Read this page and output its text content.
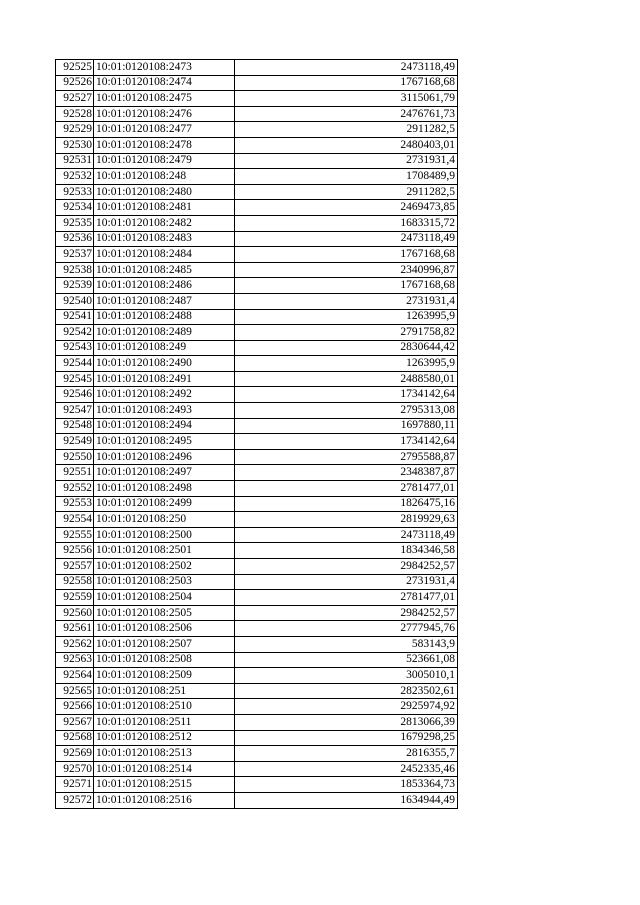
92525	10:01:0120108:2473	2473118,49
92526	10:01:0120108:2474	1767168,68
92527	10:01:0120108:2475	3115061,79
92528	10:01:0120108:2476	2476761,73
92529	10:01:0120108:2477	2911282,5
92530	10:01:0120108:2478	2480403,01
92531	10:01:0120108:2479	2731931,4
92532	10:01:0120108:248	1708489,9
92533	10:01:0120108:2480	2911282,5
92534	10:01:0120108:2481	2469473,85
92535	10:01:0120108:2482	1683315,72
92536	10:01:0120108:2483	2473118,49
92537	10:01:0120108:2484	1767168,68
92538	10:01:0120108:2485	2340996,87
92539	10:01:0120108:2486	1767168,68
92540	10:01:0120108:2487	2731931,4
92541	10:01:0120108:2488	1263995,9
92542	10:01:0120108:2489	2791758,82
92543	10:01:0120108:249	2830644,42
92544	10:01:0120108:2490	1263995,9
92545	10:01:0120108:2491	2488580,01
92546	10:01:0120108:2492	1734142,64
92547	10:01:0120108:2493	2795313,08
92548	10:01:0120108:2494	1697880,11
92549	10:01:0120108:2495	1734142,64
92550	10:01:0120108:2496	2795588,87
92551	10:01:0120108:2497	2348387,87
92552	10:01:0120108:2498	2781477,01
92553	10:01:0120108:2499	1826475,16
92554	10:01:0120108:250	2819929,63
92555	10:01:0120108:2500	2473118,49
92556	10:01:0120108:2501	1834346,58
92557	10:01:0120108:2502	2984252,57
92558	10:01:0120108:2503	2731931,4
92559	10:01:0120108:2504	2781477,01
92560	10:01:0120108:2505	2984252,57
92561	10:01:0120108:2506	2777945,76
92562	10:01:0120108:2507	583143,9
92563	10:01:0120108:2508	523661,08
92564	10:01:0120108:2509	3005010,1
92565	10:01:0120108:251	2823502,61
92566	10:01:0120108:2510	2925974,92
92567	10:01:0120108:2511	2813066,39
92568	10:01:0120108:2512	1679298,25
92569	10:01:0120108:2513	2816355,7
92570	10:01:0120108:2514	2452335,46
92571	10:01:0120108:2515	1853364,73
92572	10:01:0120108:2516	1634944,49
